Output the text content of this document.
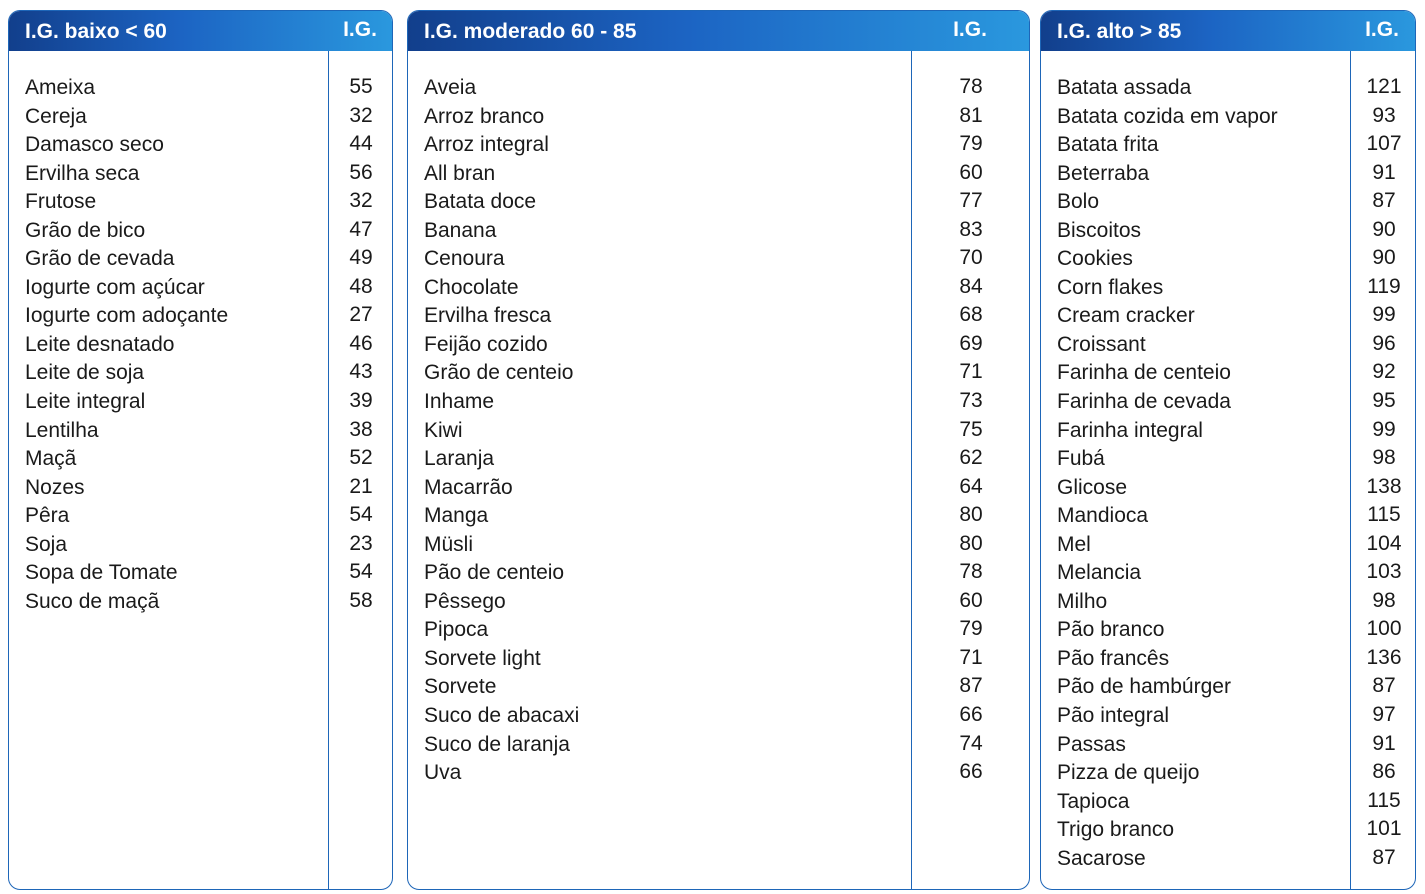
I.G. baixo < 60	I.G.
Ameixa	55
Cereja	32
Damasco seco	44
Ervilha seca	56
Frutose	32
Grão de bico	47
Grão de cevada	49
Iogurte com açúcar	48
Iogurte com adoçante	27
Leite desnatado	46
Leite de soja	43
Leite integral	39
Lentilha	38
Maçã	52
Nozes	21
Pêra	54
Soja	23
Sopa de Tomate	54
Suco de maçã	58
I.G. moderado 60 - 85	I.G.
Aveia	78
Arroz branco	81
Arroz integral	79
All bran	60
Batata doce	77
Banana	83
Cenoura	70
Chocolate	84
Ervilha fresca	68
Feijão cozido	69
Grão de centeio	71
Inhame	73
Kiwi	75
Laranja	62
Macarrão	64
Manga	80
Müsli	80
Pão de centeio	78
Pêssego	60
Pipoca	79
Sorvete light	71
Sorvete	87
Suco de abacaxi	66
Suco de laranja	74
Uva	66
I.G. alto > 85	I.G.
Batata assada	121
Batata cozida em vapor	93
Batata frita	107
Beterraba	91
Bolo	87
Biscoitos	90
Cookies	90
Corn flakes	119
Cream cracker	99
Croissant	96
Farinha de centeio	92
Farinha de cevada	95
Farinha integral	99
Fubá	98
Glicose	138
Mandioca	115
Mel	104
Melancia	103
Milho	98
Pão branco	100
Pão francês	136
Pão de hambúrger	87
Pão integral	97
Passas	91
Pizza de queijo	86
Tapioca	115
Trigo branco	101
Sacarose	87
